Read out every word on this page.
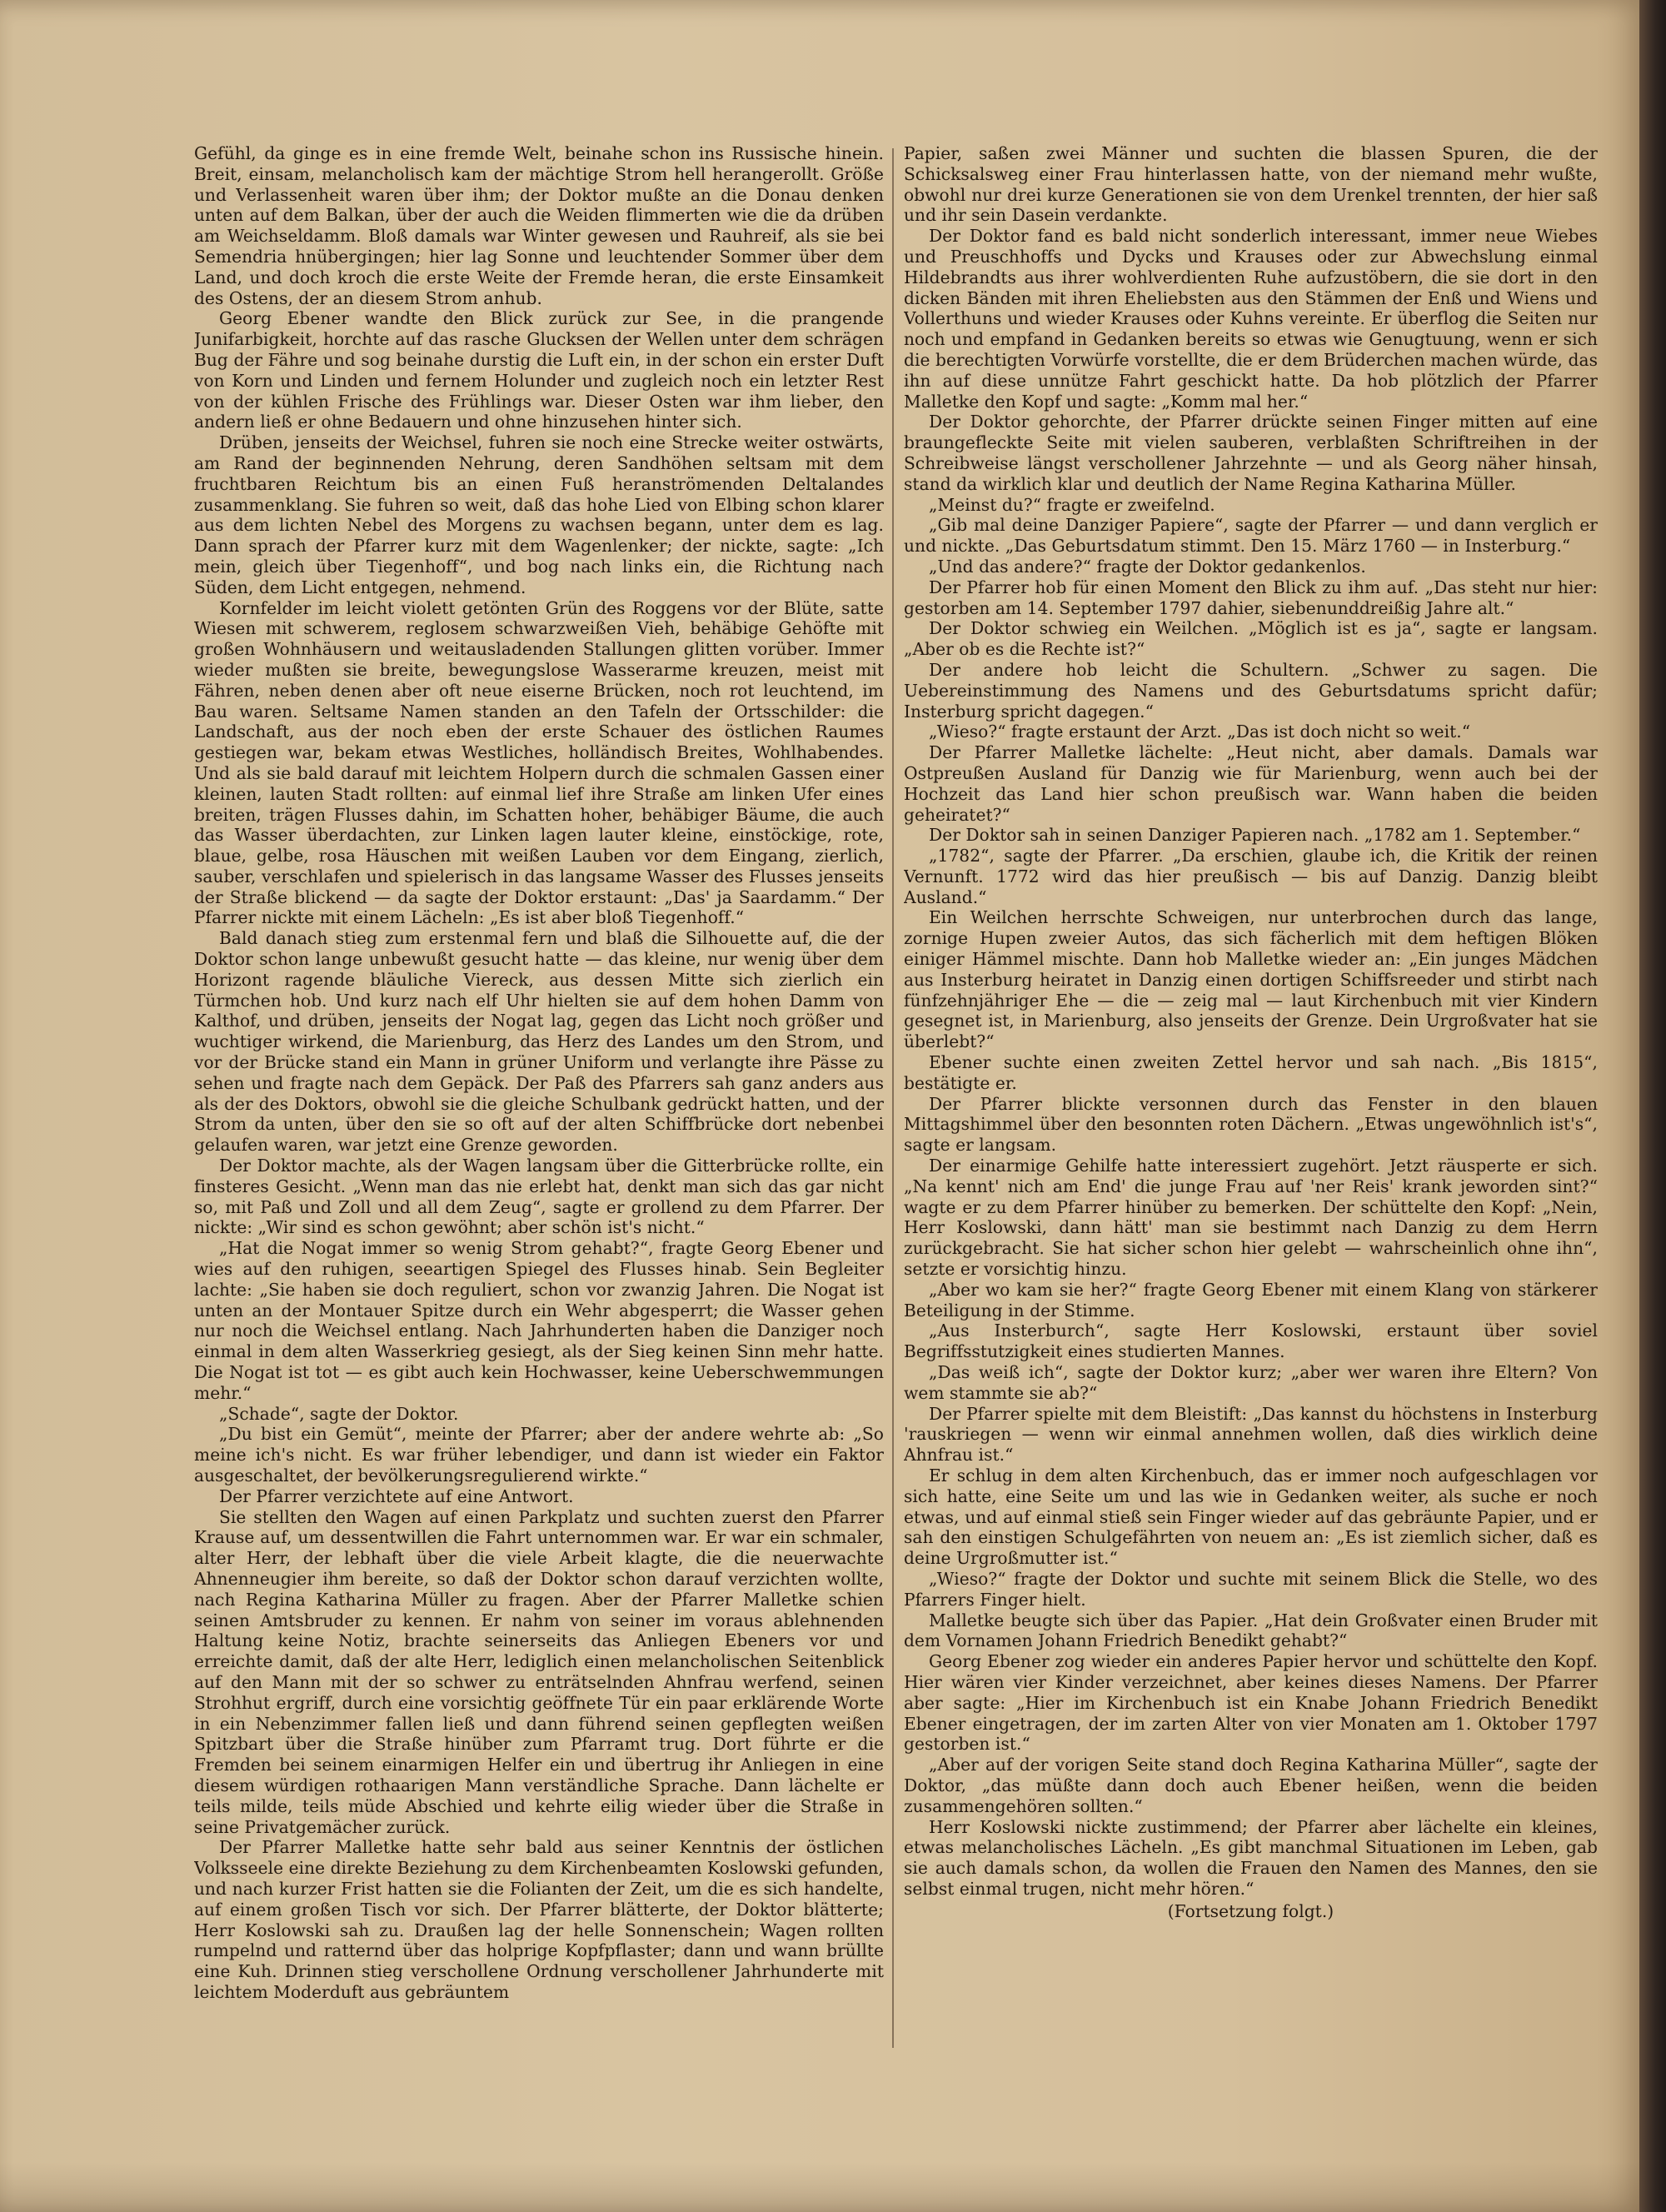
Gefühl, da ginge es in eine fremde Welt, beinahe schon ins Russische hinein. Breit, einsam, melancholisch kam der mächtige Strom hell herangerollt. Größe und Verlassenheit waren über ihm; der Doktor mußte an die Donau denken unten auf dem Balkan, über der auch die Weiden flimmerten wie die da drüben am Weichseldamm. Bloß damals war Winter gewesen und Rauhreif, als sie bei Semendria hnübergingen; hier lag Sonne und leuchtender Sommer über dem Land, und doch kroch die erste Weite der Fremde heran, die erste Einsamkeit des Ostens, der an diesem Strom anhub.

Georg Ebener wandte den Blick zurück zur See, in die prangende Junifarbigkeit, horchte auf das rasche Glucksen der Wellen unter dem schrägen Bug der Fähre und sog beinahe durstig die Luft ein, in der schon ein erster Duft von Korn und Linden und fernem Holunder und zugleich noch ein letzter Rest von der kühlen Frische des Frühlings war. Dieser Osten war ihm lieber, den andern ließ er ohne Bedauern und ohne hinzusehen hinter sich.

Drüben, jenseits der Weichsel, fuhren sie noch eine Strecke weiter ostwärts, am Rand der beginnenden Nehrung, deren Sandhöhen seltsam mit dem fruchtbaren Reichtum bis an einen Fuß heranströmenden Deltalandes zusammenklang. Sie fuhren so weit, daß das hohe Lied von Elbing schon klarer aus dem lichten Nebel des Morgens zu wachsen begann, unter dem es lag. Dann sprach der Pfarrer kurz mit dem Wagenlenker; der nickte, sagte: „Ich mein, gleich über Tiegenhoff“, und bog nach links ein, die Richtung nach Süden, dem Licht entgegen, nehmend.

Kornfelder im leicht violett getönten Grün des Roggens vor der Blüte, satte Wiesen mit schwerem, reglosem schwarzweißen Vieh, behäbige Gehöfte mit großen Wohnhäusern und weitausladenden Stallungen glitten vorüber. Immer wieder mußten sie breite, bewegungslose Wasserarme kreuzen, meist mit Fähren, neben denen aber oft neue eiserne Brücken, noch rot leuchtend, im Bau waren. Seltsame Namen standen an den Tafeln der Ortsschilder: die Landschaft, aus der noch eben der erste Schauer des östlichen Raumes gestiegen war, bekam etwas Westliches, holländisch Breites, Wohlhabendes. Und als sie bald darauf mit leichtem Holpern durch die schmalen Gassen einer kleinen, lauten Stadt rollten: auf einmal lief ihre Straße am linken Ufer eines breiten, trägen Flusses dahin, im Schatten hoher, behäbiger Bäume, die auch das Wasser überdachten, zur Linken lagen lauter kleine, einstöckige, rote, blaue, gelbe, rosa Häuschen mit weißen Lauben vor dem Eingang, zierlich, sauber, verschlafen und spielerisch in das langsame Wasser des Flusses jenseits der Straße blickend — da sagte der Doktor erstaunt: „Das' ja Saardamm.“ Der Pfarrer nickte mit einem Lächeln: „Es ist aber bloß Tiegenhoff.“

Bald danach stieg zum erstenmal fern und blaß die Silhouette auf, die der Doktor schon lange unbewußt gesucht hatte — das kleine, nur wenig über dem Horizont ragende bläuliche Viereck, aus dessen Mitte sich zierlich ein Türmchen hob. Und kurz nach elf Uhr hielten sie auf dem hohen Damm von Kalthof, und drüben, jenseits der Nogat lag, gegen das Licht noch größer und wuchtiger wirkend, die Marienburg, das Herz des Landes um den Strom, und vor der Brücke stand ein Mann in grüner Uniform und verlangte ihre Pässe zu sehen und fragte nach dem Gepäck. Der Paß des Pfarrers sah ganz anders aus als der des Doktors, obwohl sie die gleiche Schulbank gedrückt hatten, und der Strom da unten, über den sie so oft auf der alten Schiffbrücke dort nebenbei gelaufen waren, war jetzt eine Grenze geworden.

Der Doktor machte, als der Wagen langsam über die Gitterbrücke rollte, ein finsteres Gesicht. „Wenn man das nie erlebt hat, denkt man sich das gar nicht so, mit Paß und Zoll und all dem Zeug“, sagte er grollend zu dem Pfarrer. Der nickte: „Wir sind es schon gewöhnt; aber schön ist's nicht.“

„Hat die Nogat immer so wenig Strom gehabt?“, fragte Georg Ebener und wies auf den ruhigen, seeartigen Spiegel des Flusses hinab. Sein Begleiter lachte: „Sie haben sie doch reguliert, schon vor zwanzig Jahren. Die Nogat ist unten an der Montauer Spitze durch ein Wehr abgesperrt; die Wasser gehen nur noch die Weichsel entlang. Nach Jahrhunderten haben die Danziger noch einmal in dem alten Wasserkrieg gesiegt, als der Sieg keinen Sinn mehr hatte. Die Nogat ist tot — es gibt auch kein Hochwasser, keine Ueberschwemmungen mehr.“

„Schade“, sagte der Doktor.

„Du bist ein Gemüt“, meinte der Pfarrer; aber der andere wehrte ab: „So meine ich's nicht. Es war früher lebendiger, und dann ist wieder ein Faktor ausgeschaltet, der bevölkerungsregulierend wirkte.“

Der Pfarrer verzichtete auf eine Antwort.

Sie stellten den Wagen auf einen Parkplatz und suchten zuerst den Pfarrer Krause auf, um dessentwillen die Fahrt unternommen war. Er war ein schmaler, alter Herr, der lebhaft über die viele Arbeit klagte, die die neuerwachte Ahnenneugier ihm bereite, so daß der Doktor schon darauf verzichten wollte, nach Regina Katharina Müller zu fragen. Aber der Pfarrer Malletke schien seinen Amtsbruder zu kennen. Er nahm von seiner im voraus ablehnenden Haltung keine Notiz, brachte seinerseits das Anliegen Ebeners vor und erreichte damit, daß der alte Herr, lediglich einen melancholischen Seitenblick auf den Mann mit der so schwer zu enträtselnden Ahnfrau werfend, seinen Strohhut ergriff, durch eine vorsichtig geöffnete Tür ein paar erklärende Worte in ein Nebenzimmer fallen ließ und dann führend seinen gepflegten weißen Spitzbart über die Straße hinüber zum Pfarramt trug. Dort führte er die Fremden bei seinem einarmigen Helfer ein und übertrug ihr Anliegen in eine diesem würdigen rothaarigen Mann verständliche Sprache. Dann lächelte er teils milde, teils müde Abschied und kehrte eilig wieder über die Straße in seine Privatgemächer zurück.

Der Pfarrer Malletke hatte sehr bald aus seiner Kenntnis der östlichen Volksseele eine direkte Beziehung zu dem Kirchenbeamten Koslowski gefunden, und nach kurzer Frist hatten sie die Folianten der Zeit, um die es sich handelte, auf einem großen Tisch vor sich. Der Pfarrer blätterte, der Doktor blätterte; Herr Koslowski sah zu. Draußen lag der helle Sonnenschein; Wagen rollten rumpelnd und ratternd über das holprige Kopfpflaster; dann und wann brüllte eine Kuh. Drinnen stieg verschollene Ordnung verschollener Jahrhunderte mit leichtem Moderduft aus gebräuntem

Papier, saßen zwei Männer und suchten die blassen Spuren, die der Schicksalsweg einer Frau hinterlassen hatte, von der niemand mehr wußte, obwohl nur drei kurze Generationen sie von dem Urenkel trennten, der hier saß und ihr sein Dasein verdankte.

Der Doktor fand es bald nicht sonderlich interessant, immer neue Wiebes und Preuschhoffs und Dycks und Krauses oder zur Abwechslung einmal Hildebrandts aus ihrer wohlverdienten Ruhe aufzustöbern, die sie dort in den dicken Bänden mit ihren Eheliebsten aus den Stämmen der Enß und Wiens und Vollerthuns und wieder Krauses oder Kuhns vereinte. Er überflog die Seiten nur noch und empfand in Gedanken bereits so etwas wie Genugtuung, wenn er sich die berechtigten Vorwürfe vorstellte, die er dem Brüderchen machen würde, das ihn auf diese unnütze Fahrt geschickt hatte. Da hob plötzlich der Pfarrer Malletke den Kopf und sagte: „Komm mal her.“

Der Doktor gehorchte, der Pfarrer drückte seinen Finger mitten auf eine braungefleckte Seite mit vielen sauberen, verblaßten Schriftreihen in der Schreibweise längst verschollener Jahrzehnte — und als Georg näher hinsah, stand da wirklich klar und deutlich der Name Regina Katharina Müller.

„Meinst du?“ fragte er zweifelnd.

„Gib mal deine Danziger Papiere“, sagte der Pfarrer — und dann verglich er und nickte. „Das Geburtsdatum stimmt. Den 15. März 1760 — in Insterburg.“

„Und das andere?“ fragte der Doktor gedankenlos.

Der Pfarrer hob für einen Moment den Blick zu ihm auf. „Das steht nur hier: gestorben am 14. September 1797 dahier, siebenunddreißig Jahre alt.“

Der Doktor schwieg ein Weilchen. „Möglich ist es ja“, sagte er langsam. „Aber ob es die Rechte ist?“

Der andere hob leicht die Schultern. „Schwer zu sagen. Die Uebereinstimmung des Namens und des Geburtsdatums spricht dafür; Insterburg spricht dagegen.“

„Wieso?“ fragte erstaunt der Arzt. „Das ist doch nicht so weit.“

Der Pfarrer Malletke lächelte: „Heut nicht, aber damals. Damals war Ostpreußen Ausland für Danzig wie für Marienburg, wenn auch bei der Hochzeit das Land hier schon preußisch war. Wann haben die beiden geheiratet?“

Der Doktor sah in seinen Danziger Papieren nach. „1782 am 1. September.“

„1782“, sagte der Pfarrer. „Da erschien, glaube ich, die Kritik der reinen Vernunft. 1772 wird das hier preußisch — bis auf Danzig. Danzig bleibt Ausland.“

Ein Weilchen herrschte Schweigen, nur unterbrochen durch das lange, zornige Hupen zweier Autos, das sich fächerlich mit dem heftigen Blöken einiger Hämmel mischte. Dann hob Malletke wieder an: „Ein junges Mädchen aus Insterburg heiratet in Danzig einen dortigen Schiffsreeder und stirbt nach fünfzehnjähriger Ehe — die — zeig mal — laut Kirchenbuch mit vier Kindern gesegnet ist, in Marienburg, also jenseits der Grenze. Dein Urgroßvater hat sie überlebt?“

Ebener suchte einen zweiten Zettel hervor und sah nach. „Bis 1815“, bestätigte er.

Der Pfarrer blickte versonnen durch das Fenster in den blauen Mittagshimmel über den besonnten roten Dächern. „Etwas ungewöhnlich ist's“, sagte er langsam.

Der einarmige Gehilfe hatte interessiert zugehört. Jetzt räusperte er sich. „Na kennt' nich am End' die junge Frau auf 'ner Reis' krank jeworden sint?“ wagte er zu dem Pfarrer hinüber zu bemerken. Der schüttelte den Kopf: „Nein, Herr Koslowski, dann hätt' man sie bestimmt nach Danzig zu dem Herrn zurückgebracht. Sie hat sicher schon hier gelebt — wahrscheinlich ohne ihn“, setzte er vorsichtig hinzu.

„Aber wo kam sie her?“ fragte Georg Ebener mit einem Klang von stärkerer Beteiligung in der Stimme.

„Aus Insterburch“, sagte Herr Koslowski, erstaunt über soviel Begriffsstutzigkeit eines studierten Mannes.

„Das weiß ich“, sagte der Doktor kurz; „aber wer waren ihre Eltern? Von wem stammte sie ab?“

Der Pfarrer spielte mit dem Bleistift: „Das kannst du höchstens in Insterburg 'rauskriegen — wenn wir einmal annehmen wollen, daß dies wirklich deine Ahnfrau ist.“

Er schlug in dem alten Kirchenbuch, das er immer noch aufgeschlagen vor sich hatte, eine Seite um und las wie in Gedanken weiter, als suche er noch etwas, und auf einmal stieß sein Finger wieder auf das gebräunte Papier, und er sah den einstigen Schulgefährten von neuem an: „Es ist ziemlich sicher, daß es deine Urgroßmutter ist.“

„Wieso?“ fragte der Doktor und suchte mit seinem Blick die Stelle, wo des Pfarrers Finger hielt.

Malletke beugte sich über das Papier. „Hat dein Großvater einen Bruder mit dem Vornamen Johann Friedrich Benedikt gehabt?“

Georg Ebener zog wieder ein anderes Papier hervor und schüttelte den Kopf. Hier wären vier Kinder verzeichnet, aber keines dieses Namens. Der Pfarrer aber sagte: „Hier im Kirchenbuch ist ein Knabe Johann Friedrich Benedikt Ebener eingetragen, der im zarten Alter von vier Monaten am 1. Oktober 1797 gestorben ist.“

„Aber auf der vorigen Seite stand doch Regina Katharina Müller“, sagte der Doktor, „das müßte dann doch auch Ebener heißen, wenn die beiden zusammengehören sollten.“

Herr Koslowski nickte zustimmend; der Pfarrer aber lächelte ein kleines, etwas melancholisches Lächeln. „Es gibt manchmal Situationen im Leben, gab sie auch damals schon, da wollen die Frauen den Namen des Mannes, den sie selbst einmal trugen, nicht mehr hören.“

(Fortsetzung folgt.)
